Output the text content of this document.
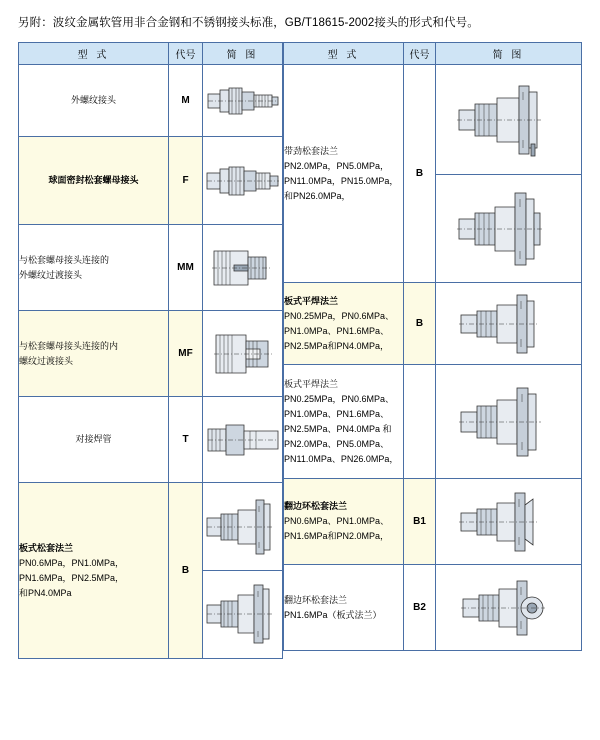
另附：波纹金属软管用非合金钢和不锈钢接头标准，GB/T18615-2002接头的形式和代号。

型 式	代号	简 图

外螺纹接头	M	

球面密封松套螺母接头	F	

与松套螺母接头连接的
外螺纹过渡接头	MM	

与松套螺母接头连接的内
螺纹过渡接头	MF	

对接焊管	T	

板式松套法兰
PN0.6MPa，PN1.0MPa，
PN1.6MPa，PN2.5MPa，
和PN4.0MPa	B	
型 式	代号	简 图

带劲松套法兰
PN2.0MPa，PN5.0MPa，
PN11.0MPa，PN15.0MPa，
和PN26.0MPa，	B	

板式平焊法兰
PN0.25MPa，PN0.6MPa、
PN1.0MPa、PN1.6MPa、
PN2.5MPa和PN4.0MPa，	B	

板式平焊法兰
PN0.25MPa，PN0.6MPa、
PN1.0MPa、PN1.6MPa、
PN2.5MPa、PN4.0MPa 和
PN2.0MPa、PN5.0MPa、
PN11.0MPa、PN26.0MPa，

翻边环松套法兰
PN0.6MPa、PN1.0MPa、
PN1.6MPa和PN2.0MPa，	B1	

翻边环松套法兰
PN1.6MPa（板式法兰）	B2	
